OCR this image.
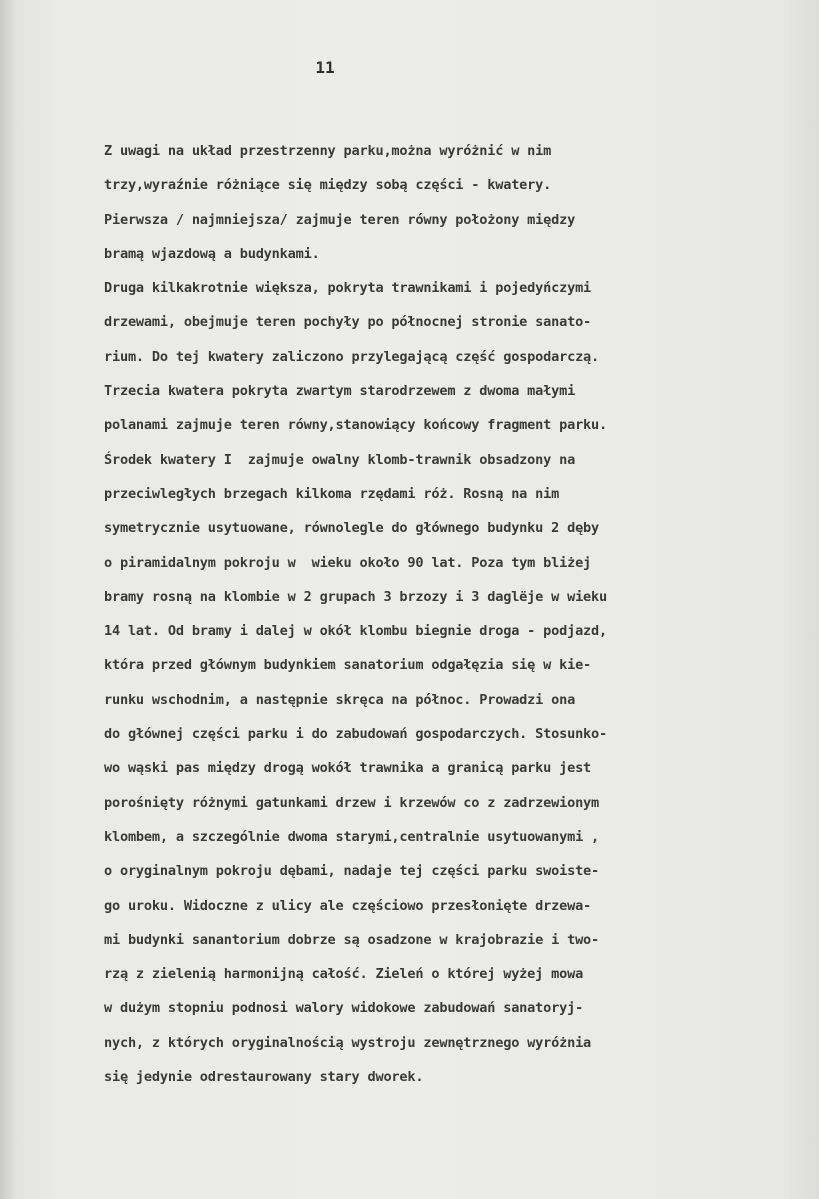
11
Z uwagi na układ przestrzenny parku,można wyróżnić w nim
trzy,wyraźnie różniące się między sobą części - kwatery.
Pierwsza / najmniejsza/ zajmuje teren równy położony między
bramą wjazdową a budynkami.
Druga kilkakrotnie większa, pokryta trawnikami i pojedyńczymi
drzewami, obejmuje teren pochyły po północnej stronie sanato-
rium. Do tej kwatery zaliczono przylegającą część gospodarczą.
Trzecia kwatera pokryta zwartym starodrzewem z dwoma małymi
polanami zajmuje teren równy,stanowiący końcowy fragment parku.
Środek kwatery I  zajmuje owalny klomb-trawnik obsadzony na
przeciwległych brzegach kilkoma rzędami róż. Rosną na nim
symetrycznie usytuowane, równolegle do głównego budynku 2 dęby
o piramidalnym pokroju w  wieku około 90 lat. Poza tym bliżej
bramy rosną na klombie w 2 grupach 3 brzozy i 3 daglëje w wieku
14 lat. Od bramy i dalej w okół klombu biegnie droga - podjazd,
która przed głównym budynkiem sanatorium odgałęzia się w kie-
runku wschodnim, a następnie skręca na północ. Prowadzi ona
do głównej części parku i do zabudowań gospodarczych. Stosunko-
wo wąski pas między drogą wokół trawnika a granicą parku jest
porośnięty różnymi gatunkami drzew i krzewów co z zadrzewionym
klombem, a szczególnie dwoma starymi,centralnie usytuowanymi ,
o oryginalnym pokroju dębami, nadaje tej części parku swoiste-
go uroku. Widoczne z ulicy ale częściowo przesłonięte drzewa-
mi budynki sanantorium dobrze są osadzone w krajobrazie i two-
rzą z zielenią harmonijną całość. Zieleń o której wyżej mowa
w dużym stopniu podnosi walory widokowe zabudowań sanatoryj-
nych, z których oryginalnością wystroju zewnętrznego wyróżnia
się jedynie odrestaurowany stary dworek.
